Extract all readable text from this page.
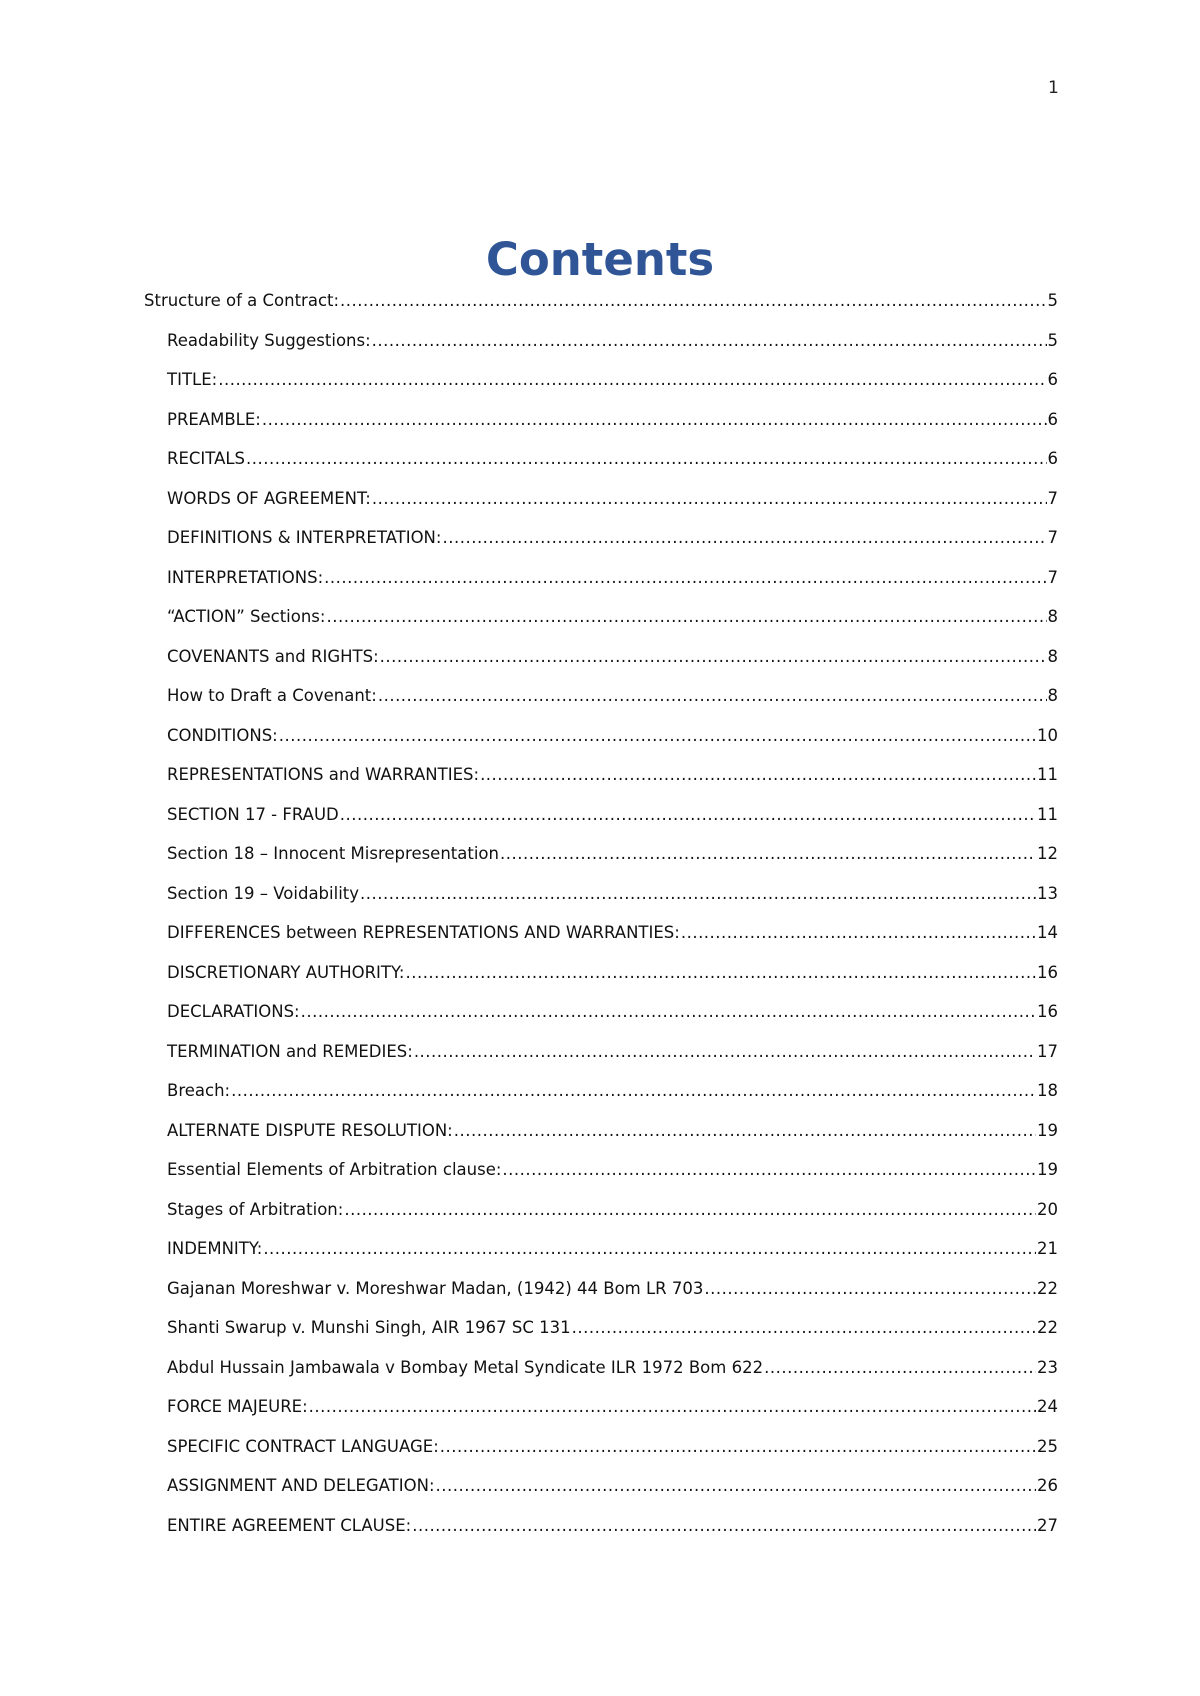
1
Contents
Structure of a Contract: .....	5
Readability Suggestions: .....	5
TITLE: .....	6
PREAMBLE: .....	6
RECITALS .....	6
WORDS OF AGREEMENT: .....	7
DEFINITIONS & INTERPRETATION: .....	7
INTERPRETATIONS: .....	7
“ACTION” Sections: .....	8
COVENANTS and RIGHTS: .....	8
How to Draft a Covenant: .....	8
CONDITIONS: .....	10
REPRESENTATIONS and WARRANTIES: .....	11
SECTION 17 - FRAUD .....	11
Section 18 – Innocent Misrepresentation .....	12
Section 19 – Voidability .....	13
DIFFERENCES between REPRESENTATIONS AND WARRANTIES: .....	14
DISCRETIONARY AUTHORITY: .....	16
DECLARATIONS: .....	16
TERMINATION and REMEDIES: .....	17
Breach: .....	18
ALTERNATE DISPUTE RESOLUTION: .....	19
Essential Elements of Arbitration clause: .....	19
Stages of Arbitration: .....	20
INDEMNITY: .....	21
Gajanan Moreshwar v. Moreshwar Madan, (1942) 44 Bom LR 703 .....	22
Shanti Swarup v. Munshi Singh, AIR 1967 SC 131 .....	22
Abdul Hussain Jambawala v Bombay Metal Syndicate ILR 1972 Bom 622 .....	23
FORCE MAJEURE: .....	24
SPECIFIC CONTRACT LANGUAGE: .....	25
ASSIGNMENT AND DELEGATION: .....	26
ENTIRE AGREEMENT CLAUSE: .....	27
